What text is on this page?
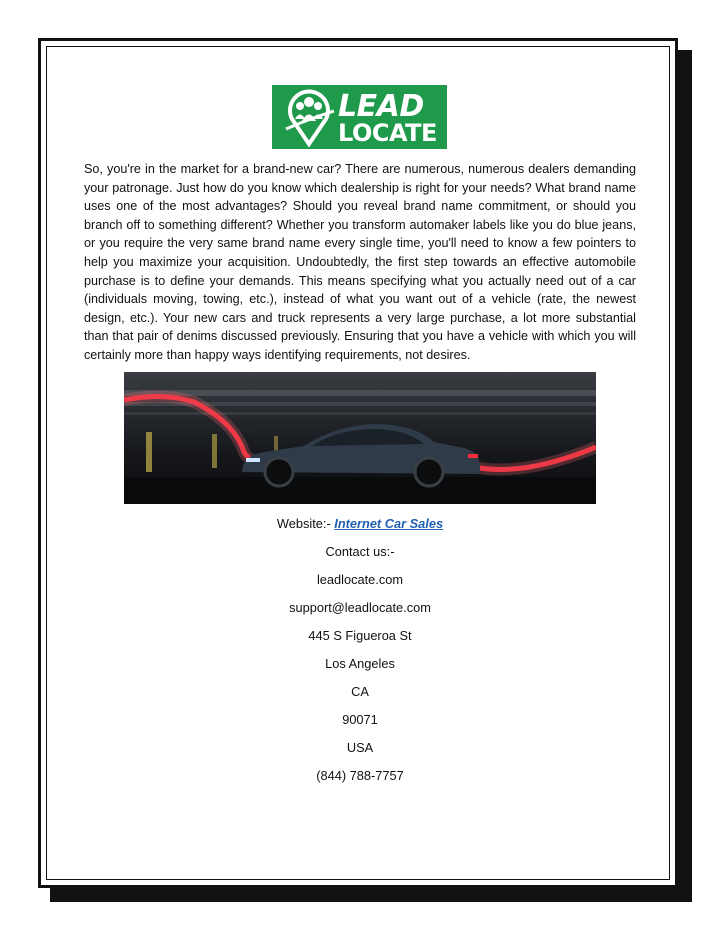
LEAD
LOCATE
So, you're in the market for a brand-new car? There are numerous, numerous dealers demanding your patronage. Just how do you know which dealership is right for your needs? What brand name uses one of the most advantages? Should you reveal brand name commitment, or should you branch off to something different? Whether you transform automaker labels like you do blue jeans, or you require the very same brand name every single time, you'll need to know a few pointers to help you maximize your acquisition. Undoubtedly, the first step towards an effective automobile purchase is to define your demands. This means specifying what you actually need out of a car (individuals moving, towing, etc.), instead of what you want out of a vehicle (rate, the newest design, etc.). Your new cars and truck represents a very large purchase, a lot more substantial than that pair of denims discussed previously. Ensuring that you have a vehicle with which you will certainly more than happy ways identifying requirements, not desires.
Website:- Internet Car Sales
Contact us:-
leadlocate.com
support@leadlocate.com
445 S Figueroa St
Los Angeles
CA
90071
USA
(844) 788-7757
